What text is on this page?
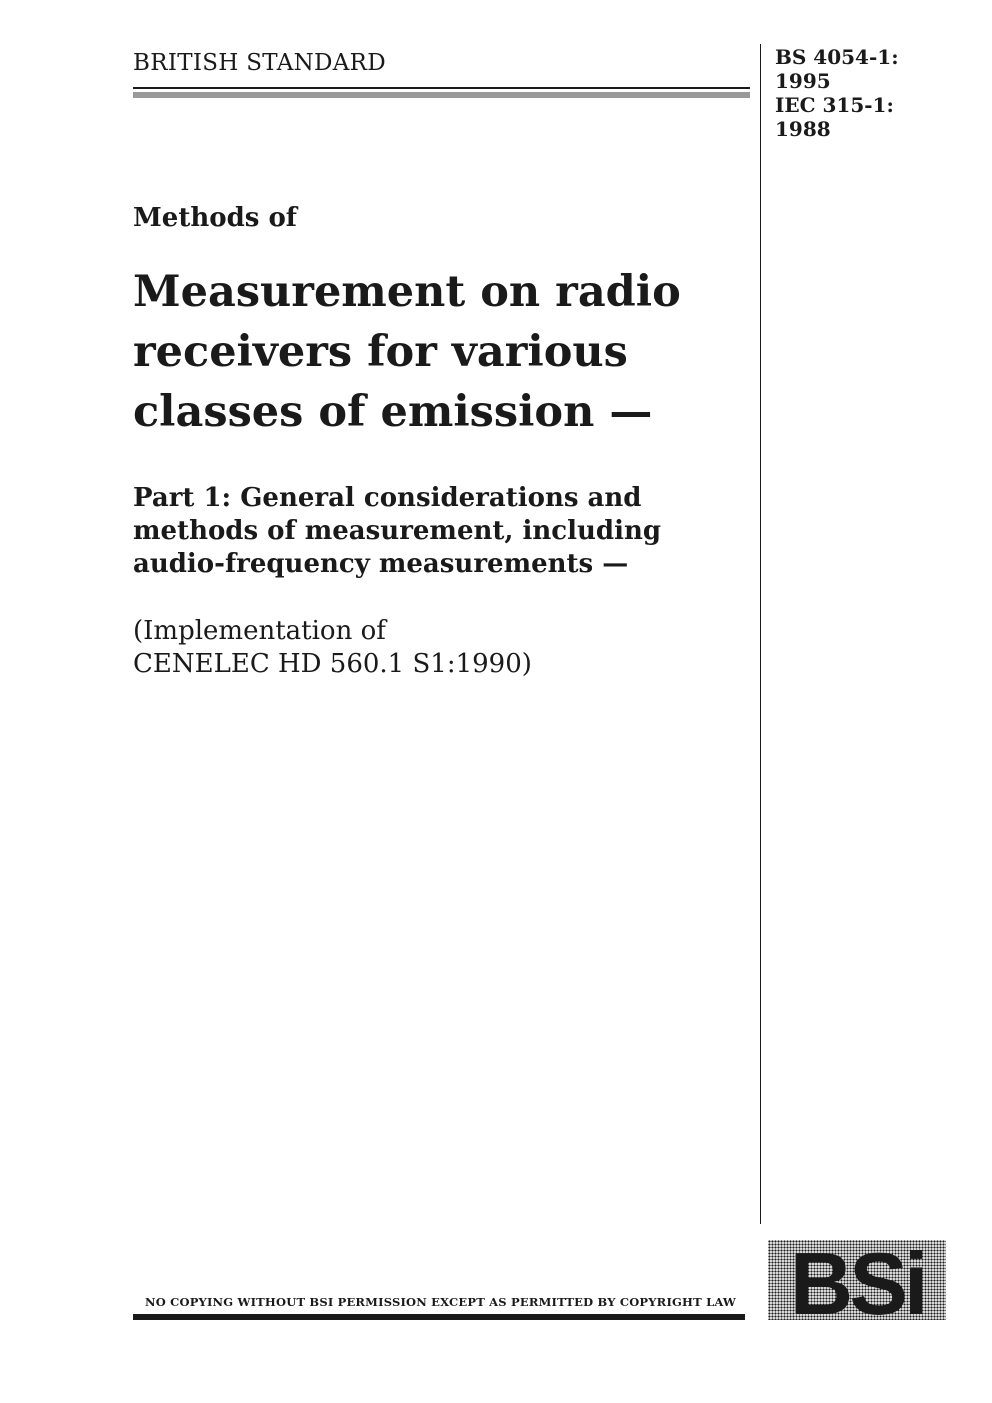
BRITISH STANDARD	BS 4054-1:
1995
IEC 315-1:
1988
Methods of
Measurement on radio
receivers for various
classes of emission —
Part 1: General considerations and
methods of measurement, including
audio-frequency measurements —
(Implementation of
CENELEC HD 560.1 S1:1990)
NO COPYING WITHOUT BSI PERMISSION EXCEPT AS PERMITTED BY COPYRIGHT LAW BSi
